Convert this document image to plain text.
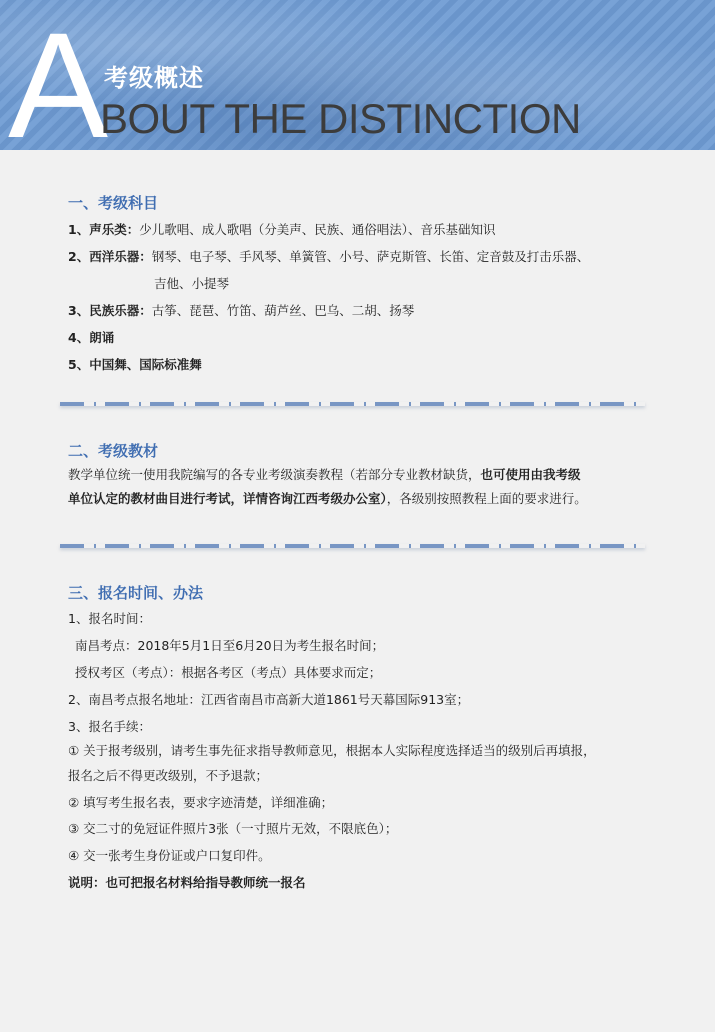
A
考级概述
BOUT THE DISTINCTION
一、考级科目
1、声乐类：少儿歌唱、成人歌唱（分美声、民族、通俗唱法）、音乐基础知识
2、西洋乐器：钢琴、电子琴、手风琴、单簧管、小号、萨克斯管、长笛、定音鼓及打击乐器、
吉他、小提琴
3、民族乐器：古筝、琵琶、竹笛、葫芦丝、巴乌、二胡、扬琴
4、朗诵
5、中国舞、国际标准舞
二、考级教材
教学单位统一使用我院编写的各专业考级演奏教程（若部分专业教材缺货，也可使用由我考级
单位认定的教材曲目进行考试，详情咨询江西考级办公室），各级别按照教程上面的要求进行。
三、报名时间、办法
1、报名时间：
南昌考点：2018年5月1日至6月20日为考生报名时间；
授权考区（考点）：根据各考区（考点）具体要求而定；
2、南昌考点报名地址：江西省南昌市高新大道1861号天幕国际913室；
3、报名手续：
① 关于报考级别，请考生事先征求指导教师意见，根据本人实际程度选择适当的级别后再填报，
报名之后不得更改级别，不予退款；
② 填写考生报名表，要求字迹清楚，详细准确；
③ 交二寸的免冠证件照片3张（一寸照片无效，不限底色）；
④ 交一张考生身份证或户口复印件。
说明：也可把报名材料给指导教师统一报名
